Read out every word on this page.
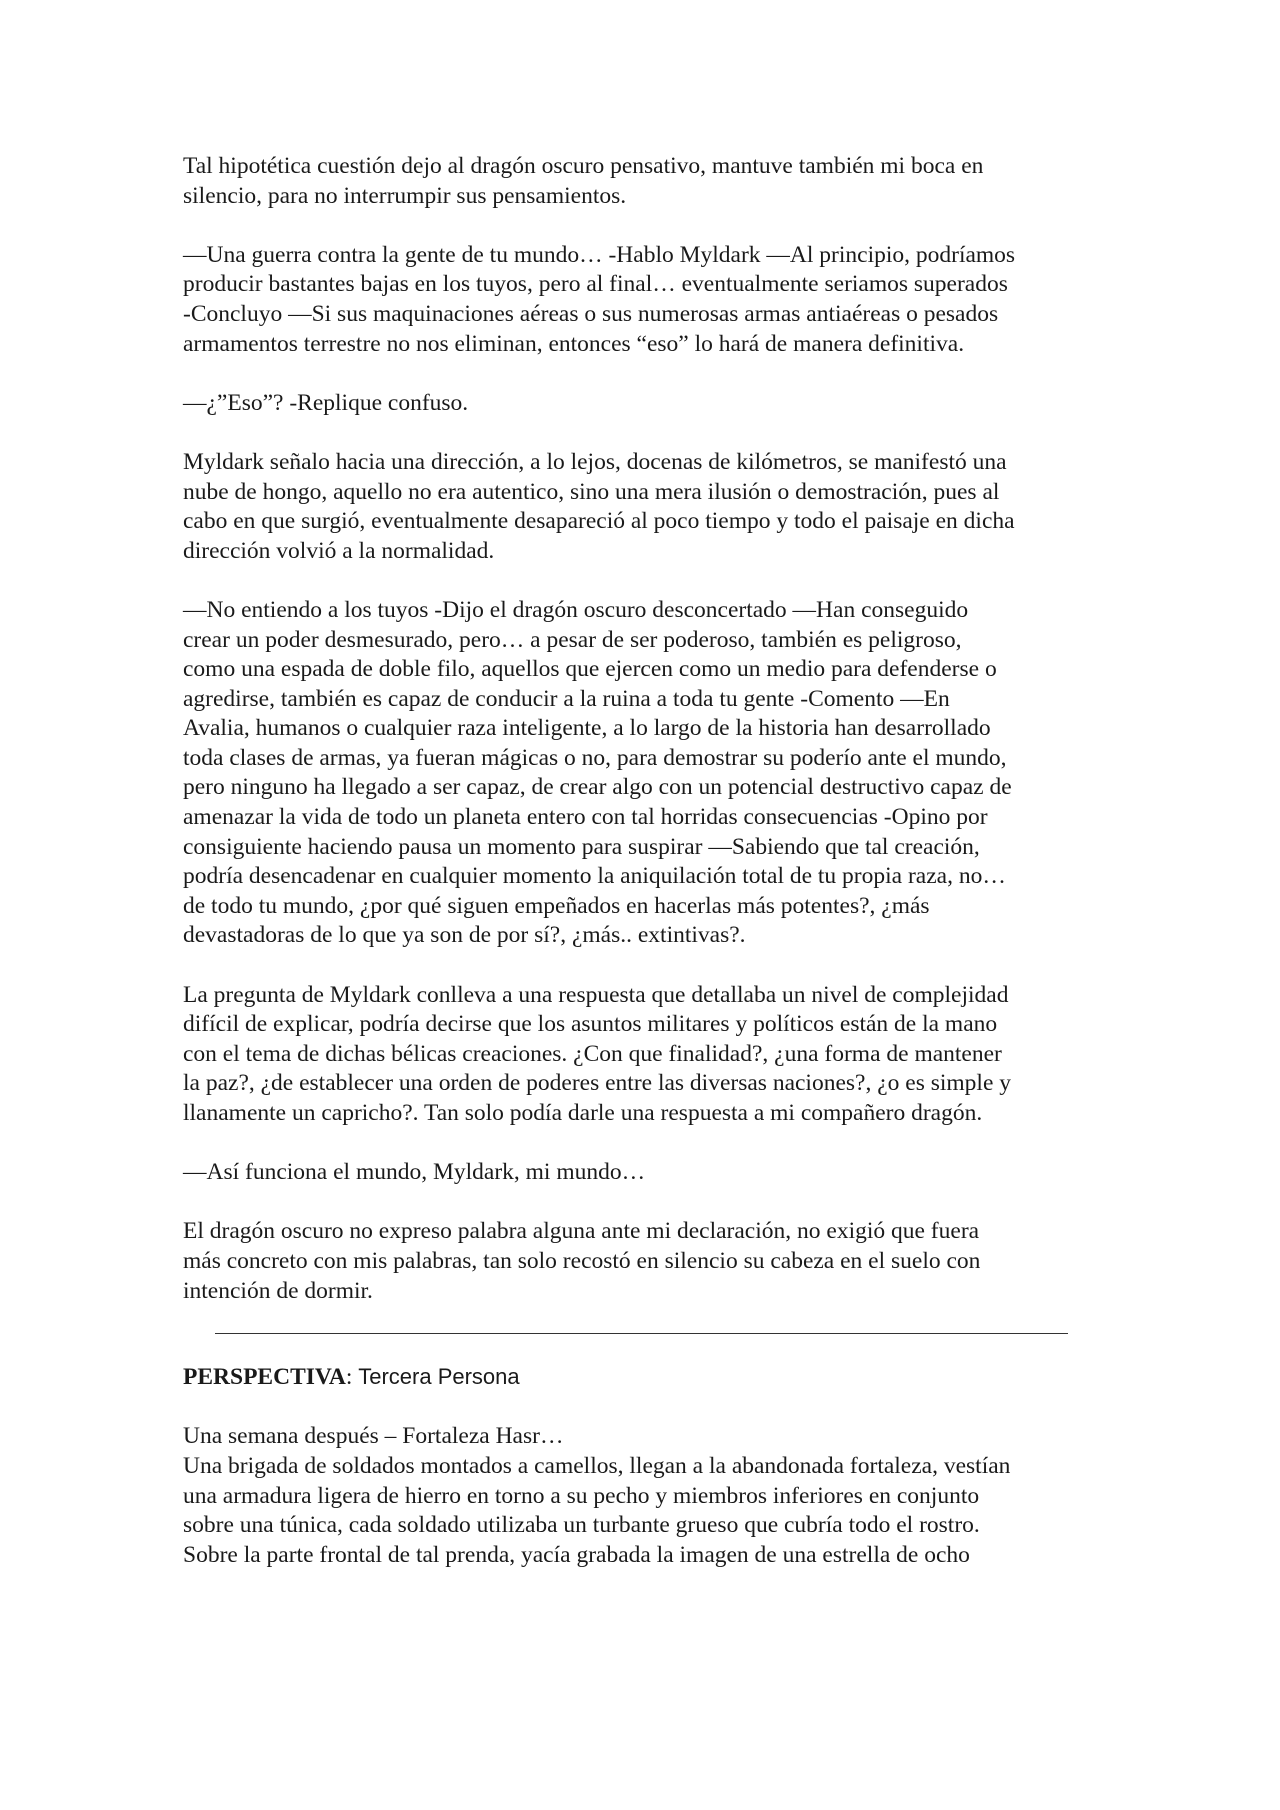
Tal hipotética cuestión dejo al dragón oscuro pensativo, mantuve también mi boca en
silencio, para no interrumpir sus pensamientos.

—Una guerra contra la gente de tu mundo… -Hablo Myldark —Al principio, podríamos
producir bastantes bajas en los tuyos, pero al final… eventualmente seriamos superados
-Concluyo —Si sus maquinaciones aéreas o sus numerosas armas antiaéreas o pesados
armamentos terrestre no nos eliminan, entonces “eso” lo hará de manera definitiva.

—¿”Eso”? -Replique confuso.

Myldark señalo hacia una dirección, a lo lejos, docenas de kilómetros, se manifestó una
nube de hongo, aquello no era autentico, sino una mera ilusión o demostración, pues al
cabo en que surgió, eventualmente desapareció al poco tiempo y todo el paisaje en dicha
dirección volvió a la normalidad.

—No entiendo a los tuyos -Dijo el dragón oscuro desconcertado —Han conseguido
crear un poder desmesurado, pero… a pesar de ser poderoso, también es peligroso,
como una espada de doble filo, aquellos que ejercen como un medio para defenderse o
agredirse, también es capaz de conducir a la ruina a toda tu gente -Comento —En
Avalia, humanos o cualquier raza inteligente, a lo largo de la historia han desarrollado
toda clases de armas, ya fueran mágicas o no, para demostrar su poderío ante el mundo,
pero ninguno ha llegado a ser capaz, de crear algo con un potencial destructivo capaz de
amenazar la vida de todo un planeta entero con tal horridas consecuencias -Opino por
consiguiente haciendo pausa un momento para suspirar —Sabiendo que tal creación,
podría desencadenar en cualquier momento la aniquilación total de tu propia raza, no…
de todo tu mundo, ¿por qué siguen empeñados en hacerlas más potentes?, ¿más
devastadoras de lo que ya son de por sí?, ¿más.. extintivas?.

La pregunta de Myldark conlleva a una respuesta que detallaba un nivel de complejidad
difícil de explicar, podría decirse que los asuntos militares y políticos están de la mano
con el tema de dichas bélicas creaciones. ¿Con que finalidad?, ¿una forma de mantener
la paz?, ¿de establecer una orden de poderes entre las diversas naciones?, ¿o es simple y
llanamente un capricho?. Tan solo podía darle una respuesta a mi compañero dragón.

—Así funciona el mundo, Myldark, mi mundo…

El dragón oscuro no expreso palabra alguna ante mi declaración, no exigió que fuera
más concreto con mis palabras, tan solo recostó en silencio su cabeza en el suelo con
intención de dormir.

PERSPECTIVA: Tercera Persona

Una semana después – Fortaleza Hasr…

Una brigada de soldados montados a camellos, llegan a la abandonada fortaleza, vestían
una armadura ligera de hierro en torno a su pecho y miembros inferiores en conjunto
sobre una túnica, cada soldado utilizaba un turbante grueso que cubría todo el rostro.
Sobre la parte frontal de tal prenda, yacía grabada la imagen de una estrella de ocho
